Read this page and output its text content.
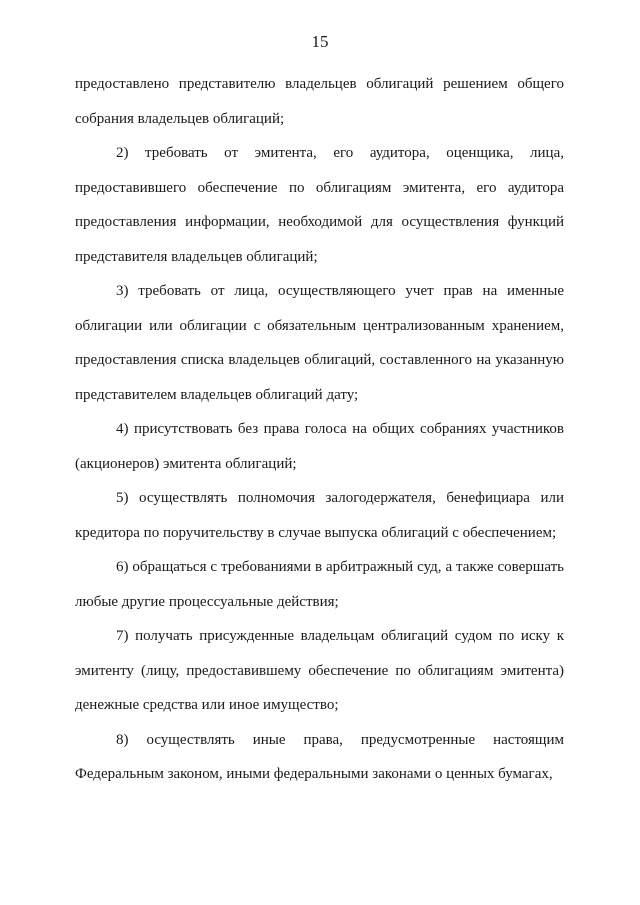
15

предоставлено представителю владельцев облигаций решением общего собрания владельцев облигаций;

2) требовать от эмитента, его аудитора, оценщика, лица, предоставившего обеспечение по облигациям эмитента, его аудитора предоставления информации, необходимой для осуществления функций представителя владельцев облигаций;

3) требовать от лица, осуществляющего учет прав на именные облигации или облигации с обязательным централизованным хранением, предоставления списка владельцев облигаций, составленного на указанную представителем владельцев облигаций дату;

4) присутствовать без права голоса на общих собраниях участников (акционеров) эмитента облигаций;

5) осуществлять полномочия залогодержателя, бенефициара или кредитора по поручительству в случае выпуска облигаций с обеспечением;

6) обращаться с требованиями в арбитражный суд, а также совершать любые другие процессуальные действия;

7) получать присужденные владельцам облигаций судом по иску к эмитенту (лицу, предоставившему обеспечение по облигациям эмитента) денежные средства или иное имущество;

8) осуществлять иные права, предусмотренные настоящим Федеральным законом, иными федеральными законами о ценных бумагах,
